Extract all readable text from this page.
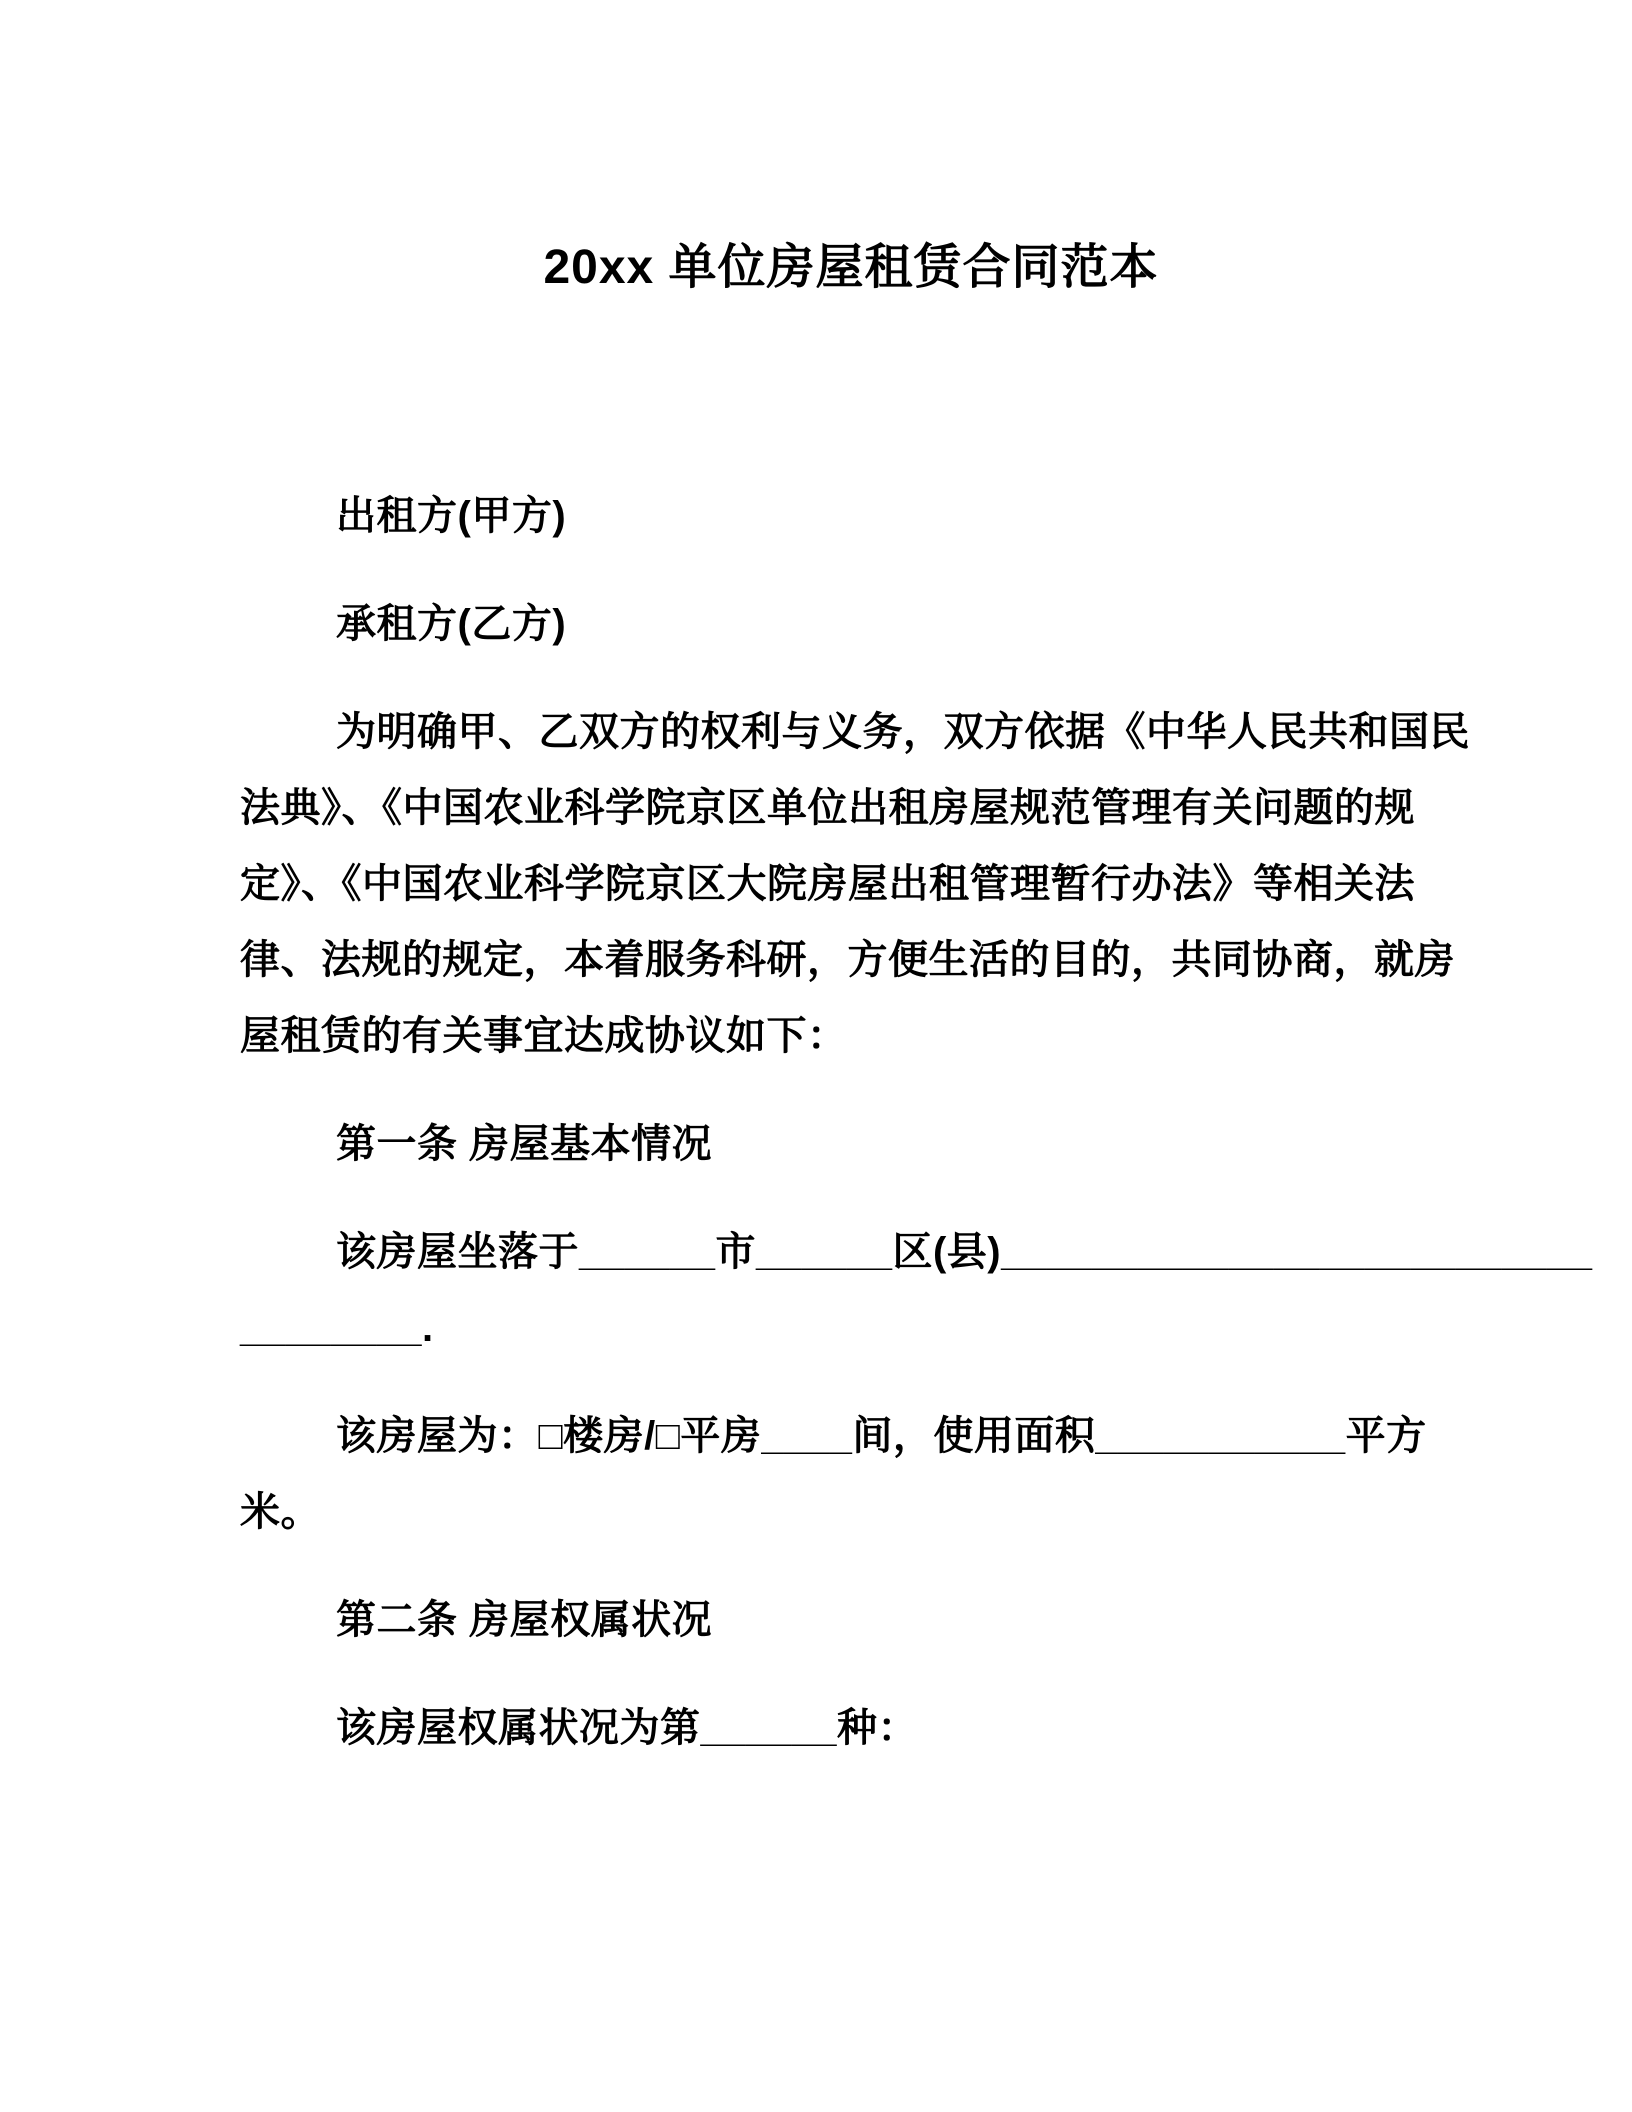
20xx 单位房屋租赁合同范本
出租方(甲方)
承租方(乙方)
为明确甲、乙双方的权利与义务，双方依据《中华人民共和国民
法典》、《中国农业科学院京区单位出租房屋规范管理有关问题的规
定》、《中国农业科学院京区大院房屋出租管理暂行办法》等相关法
律、法规的规定，本着服务科研，方便生活的目的，共同协商，就房
屋租赁的有关事宜达成协议如下：
第一条 房屋基本情况
该房屋坐落于______市______区(县)__________________________
________.
该房屋为：□楼房/□平房____间，使用面积___________平方
米。
第二条 房屋权属状况
该房屋权属状况为第______种：
